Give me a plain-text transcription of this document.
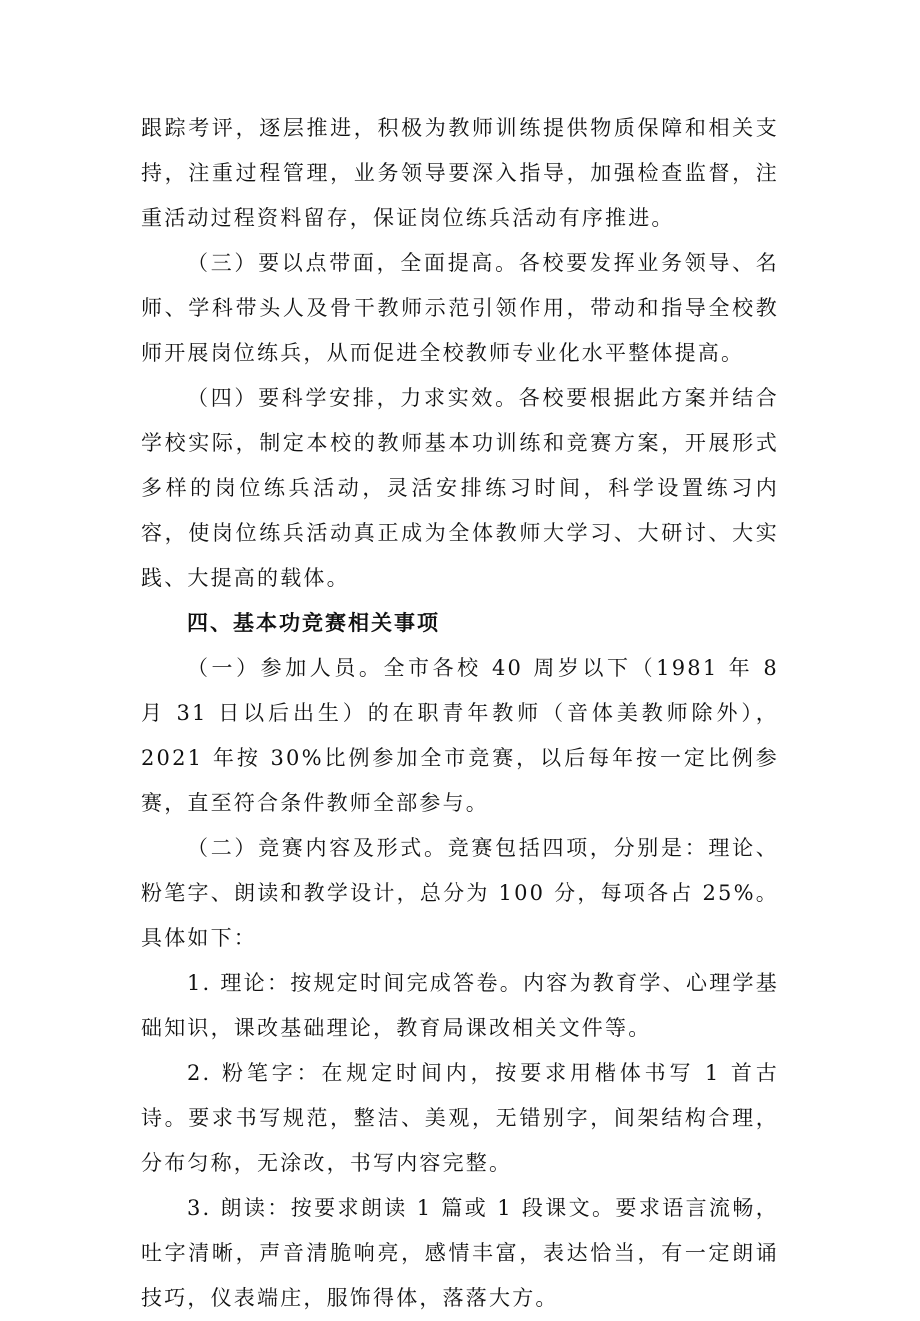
跟踪考评，逐层推进，积极为教师训练提供物质保障和相关支持，注重过程管理，业务领导要深入指导，加强检查监督，注重活动过程资料留存，保证岗位练兵活动有序推进。

（三）要以点带面，全面提高。各校要发挥业务领导、名师、学科带头人及骨干教师示范引领作用，带动和指导全校教师开展岗位练兵，从而促进全校教师专业化水平整体提高。

（四）要科学安排，力求实效。各校要根据此方案并结合学校实际，制定本校的教师基本功训练和竞赛方案，开展形式多样的岗位练兵活动，灵活安排练习时间，科学设置练习内容，使岗位练兵活动真正成为全体教师大学习、大研讨、大实践、大提高的载体。

四、基本功竞赛相关事项

（一）参加人员。全市各校 40 周岁以下（1981 年 8 月 31 日以后出生）的在职青年教师（音体美教师除外），2021 年按 30%比例参加全市竞赛，以后每年按一定比例参赛，直至符合条件教师全部参与。

（二）竞赛内容及形式。竞赛包括四项，分别是：理论、粉笔字、朗读和教学设计，总分为 100 分，每项各占 25%。具体如下：

1. 理论：按规定时间完成答卷。内容为教育学、心理学基础知识，课改基础理论，教育局课改相关文件等。

2. 粉笔字：在规定时间内，按要求用楷体书写 1 首古诗。要求书写规范，整洁、美观，无错别字，间架结构合理，分布匀称，无涂改，书写内容完整。

3. 朗读：按要求朗读 1 篇或 1 段课文。要求语言流畅，吐字清晰，声音清脆响亮，感情丰富，表达恰当，有一定朗诵技巧，仪表端庄，服饰得体，落落大方。
